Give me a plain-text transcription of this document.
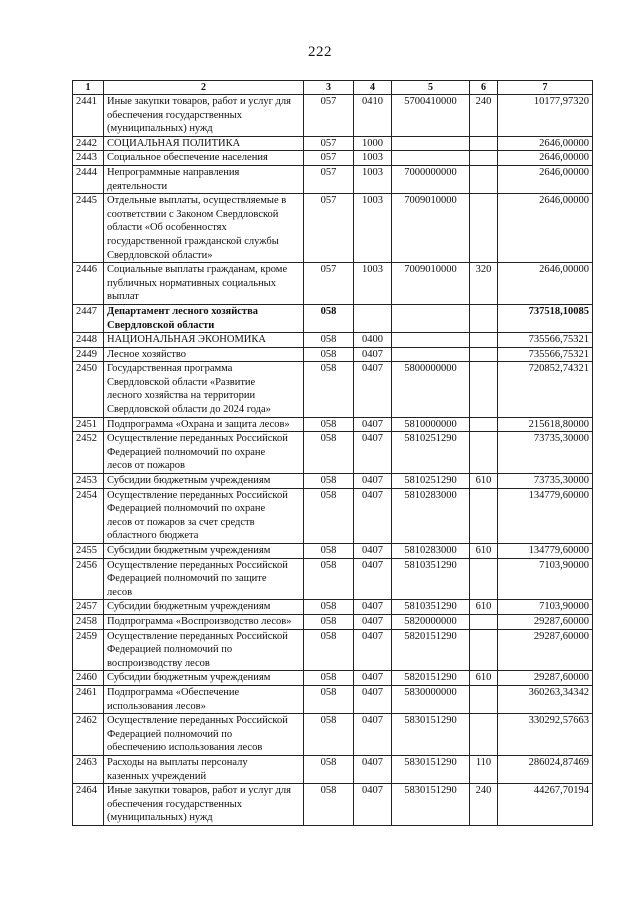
222
1	2	3	4	5	6	7
2441	Иные закупки товаров, работ и услуг для
обеспечения государственных
(муниципальных) нужд	057	0410	5700410000	240	10177,97320
2442	СОЦИАЛЬНАЯ ПОЛИТИКА	057	1000			2646,00000
2443	Социальное обеспечение населения	057	1003			2646,00000
2444	Непрограммные направления
деятельности	057	1003	7000000000		2646,00000
2445	Отдельные выплаты, осуществляемые в
соответствии с Законом Свердловской
области «Об особенностях
государственной гражданской службы
Свердловской области»	057	1003	7009010000		2646,00000
2446	Социальные выплаты гражданам, кроме
публичных нормативных социальных
выплат	057	1003	7009010000	320	2646,00000
2447	Департамент лесного хозяйства
Свердловской области	058				737518,10085
2448	НАЦИОНАЛЬНАЯ ЭКОНОМИКА	058	0400			735566,75321
2449	Лесное хозяйство	058	0407			735566,75321
2450	Государственная программа
Свердловской области «Развитие
лесного хозяйства на территории
Свердловской области до 2024 года»	058	0407	5800000000		720852,74321
2451	Подпрограмма «Охрана и защита лесов»	058	0407	5810000000		215618,80000
2452	Осуществление переданных Российской
Федерацией полномочий по охране
лесов от пожаров	058	0407	5810251290		73735,30000
2453	Субсидии бюджетным учреждениям	058	0407	5810251290	610	73735,30000
2454	Осуществление переданных Российской
Федерацией полномочий по охране
лесов от пожаров за счет средств
областного бюджета	058	0407	5810283000		134779,60000
2455	Субсидии бюджетным учреждениям	058	0407	5810283000	610	134779,60000
2456	Осуществление переданных Российской
Федерацией полномочий по защите
лесов	058	0407	5810351290		7103,90000
2457	Субсидии бюджетным учреждениям	058	0407	5810351290	610	7103,90000
2458	Подпрограмма «Воспроизводство лесов»	058	0407	5820000000		29287,60000
2459	Осуществление переданных Российской
Федерацией полномочий по
воспроизводству лесов	058	0407	5820151290		29287,60000
2460	Субсидии бюджетным учреждениям	058	0407	5820151290	610	29287,60000
2461	Подпрограмма «Обеспечение
использования лесов»	058	0407	5830000000		360263,34342
2462	Осуществление переданных Российской
Федерацией полномочий по
обеспечению использования лесов	058	0407	5830151290		330292,57663
2463	Расходы на выплаты персоналу
казенных учреждений	058	0407	5830151290	110	286024,87469
2464	Иные закупки товаров, работ и услуг для
обеспечения государственных
(муниципальных) нужд	058	0407	5830151290	240	44267,70194
